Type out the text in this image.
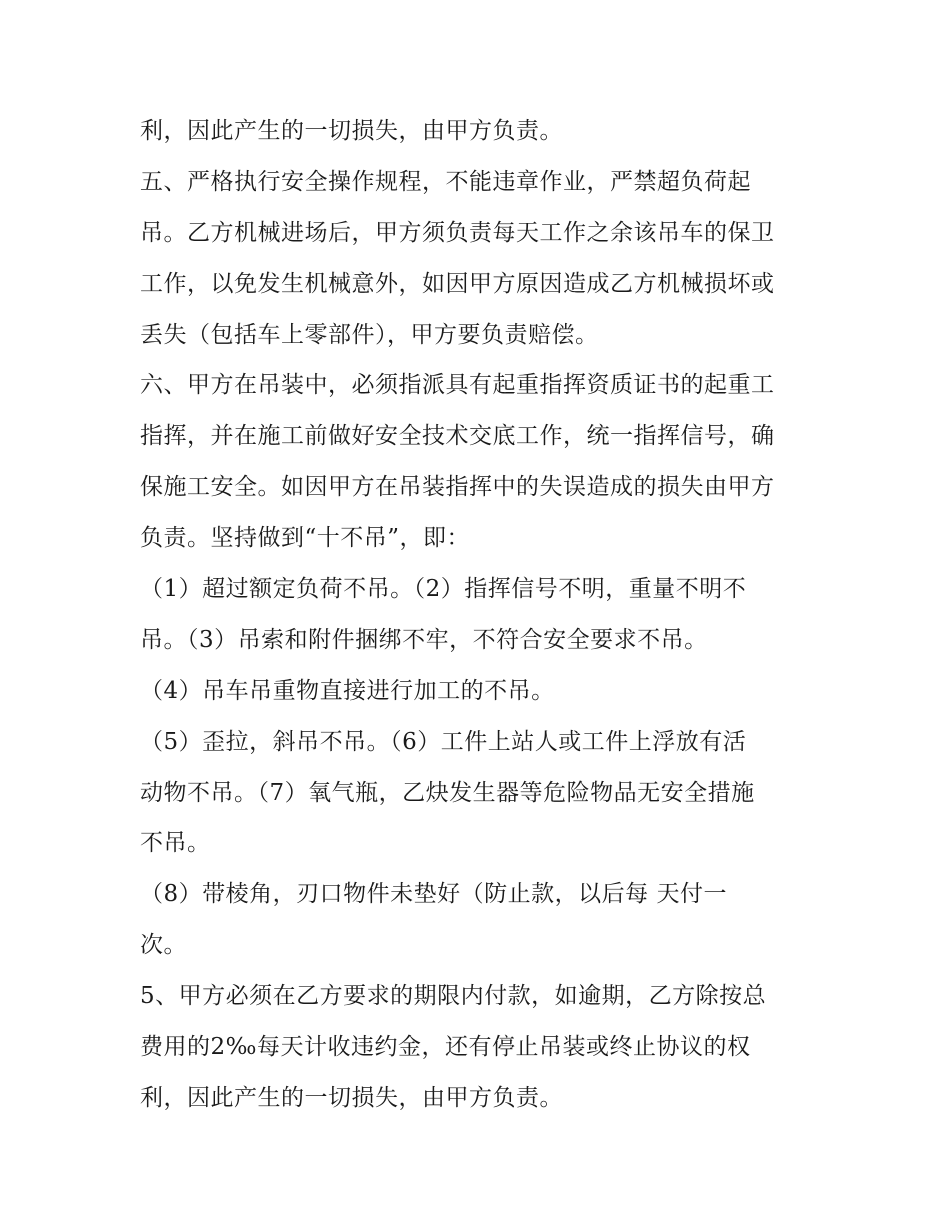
利，因此产生的一切损失，由甲方负责。
五、严格执行安全操作规程，不能违章作业，严禁超负荷起
吊。乙方机械进场后，甲方须负责每天工作之余该吊车的保卫
工作，以免发生机械意外，如因甲方原因造成乙方机械损坏或
丢失（包括车上零部件），甲方要负责赔偿。
六、甲方在吊装中，必须指派具有起重指挥资质证书的起重工
指挥，并在施工前做好安全技术交底工作，统一指挥信号，确
保施工安全。如因甲方在吊装指挥中的失误造成的损失由甲方
负责。坚持做到“十不吊”，即：
（1）超过额定负荷不吊。（2）指挥信号不明，重量不明不
吊。（3）吊索和附件捆绑不牢，不符合安全要求不吊。
（4）吊车吊重物直接进行加工的不吊。
（5）歪拉，斜吊不吊。（6）工件上站人或工件上浮放有活
动物不吊。（7）氧气瓶，乙炔发生器等危险物品无安全措施
不吊。
（8）带棱角，刃口物件未垫好（防止款，以后每 天付一
次。
5、甲方必须在乙方要求的期限内付款，如逾期，乙方除按总
费用的2‰每天计收违约金，还有停止吊装或终止协议的权
利，因此产生的一切损失，由甲方负责。
